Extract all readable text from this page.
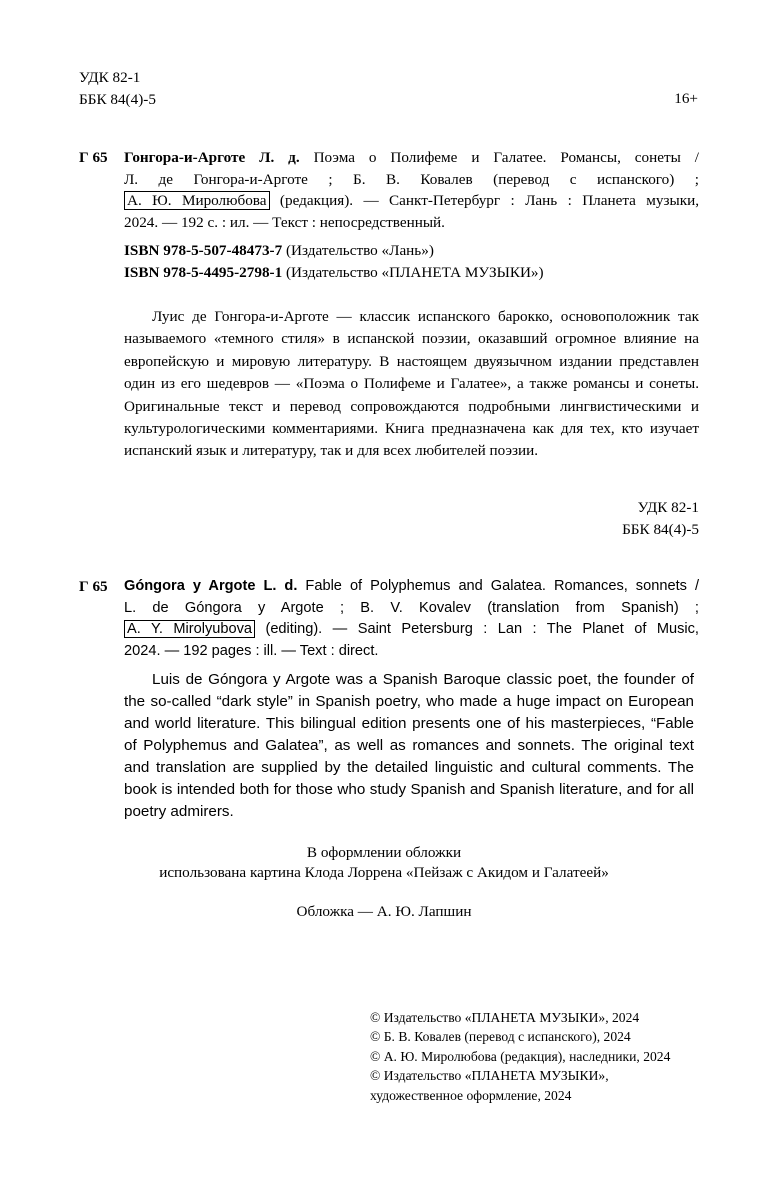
УДК 82-1
ББК 84(4)-5	16+
Г 65 Гонгора-и-Арготе Л. д. Поэма о Полифеме и Галатее. Романсы, сонеты /
Л. де Гонгора-и-Арготе ; Б. В. Ковалев (перевод с испанского) ;
А. Ю. Миролюбова (редакция). — Санкт-Петербург : Лань : Планета музыки,
2024. — 192 с. : ил. — Текст : непосредственный.
ISBN 978-5-507-48473-7 (Издательство «Лань»)
ISBN 978-5-4495-2798-1 (Издательство «ПЛАНЕТА МУЗЫКИ»)

Луис де Гонгора-и-Арготе — классик испанского барокко, основоположник так называемого «темного стиля» в испанской поэзии, оказавший огромное влияние на европейскую и мировую литературу. В настоящем двуязычном издании представлен один из его шедевров — «Поэма о Полифеме и Галатее», а также романсы и сонеты. Оригинальные текст и перевод сопровождаются подробными лингвистическими и культурологическими комментариями. Книга предназначена как для тех, кто изучает испанский язык и литературу, так и для всех любителей поэзии.

УДК 82-1
ББК 84(4)-5
Г 65 Góngora y Argote L. d. Fable of Polyphemus and Galatea. Romances, sonnets /
L. de Góngora y Argote ; B. V. Kovalev (translation from Spanish) ;
A. Y. Mirolyubova (editing). — Saint Petersburg : Lan : The Planet of Music,
2024. — 192 pages : ill. — Text : direct.

Luis de Góngora y Argote was a Spanish Baroque classic poet, the founder of the so-called “dark style” in Spanish poetry, who made a huge impact on European and world literature. This bilingual edition presents one of his masterpieces, “Fable of Polyphemus and Galatea”, as well as romances and sonnets. The original text and translation are supplied by the detailed linguistic and cultural comments. The book is intended both for those who study Spanish and Spanish literature, and for all poetry admirers.

В оформлении обложки
использована картина Клода Лоррена «Пейзаж с Акидом и Галатеей»
Обложка — А. Ю. Лапшин
© Издательство «ПЛАНЕТА МУЗЫКИ», 2024
© Б. В. Ковалев (перевод с испанского), 2024
© А. Ю. Миролюбова (редакция), наследники, 2024
© Издательство «ПЛАНЕТА МУЗЫКИ»,
художественное оформление, 2024
